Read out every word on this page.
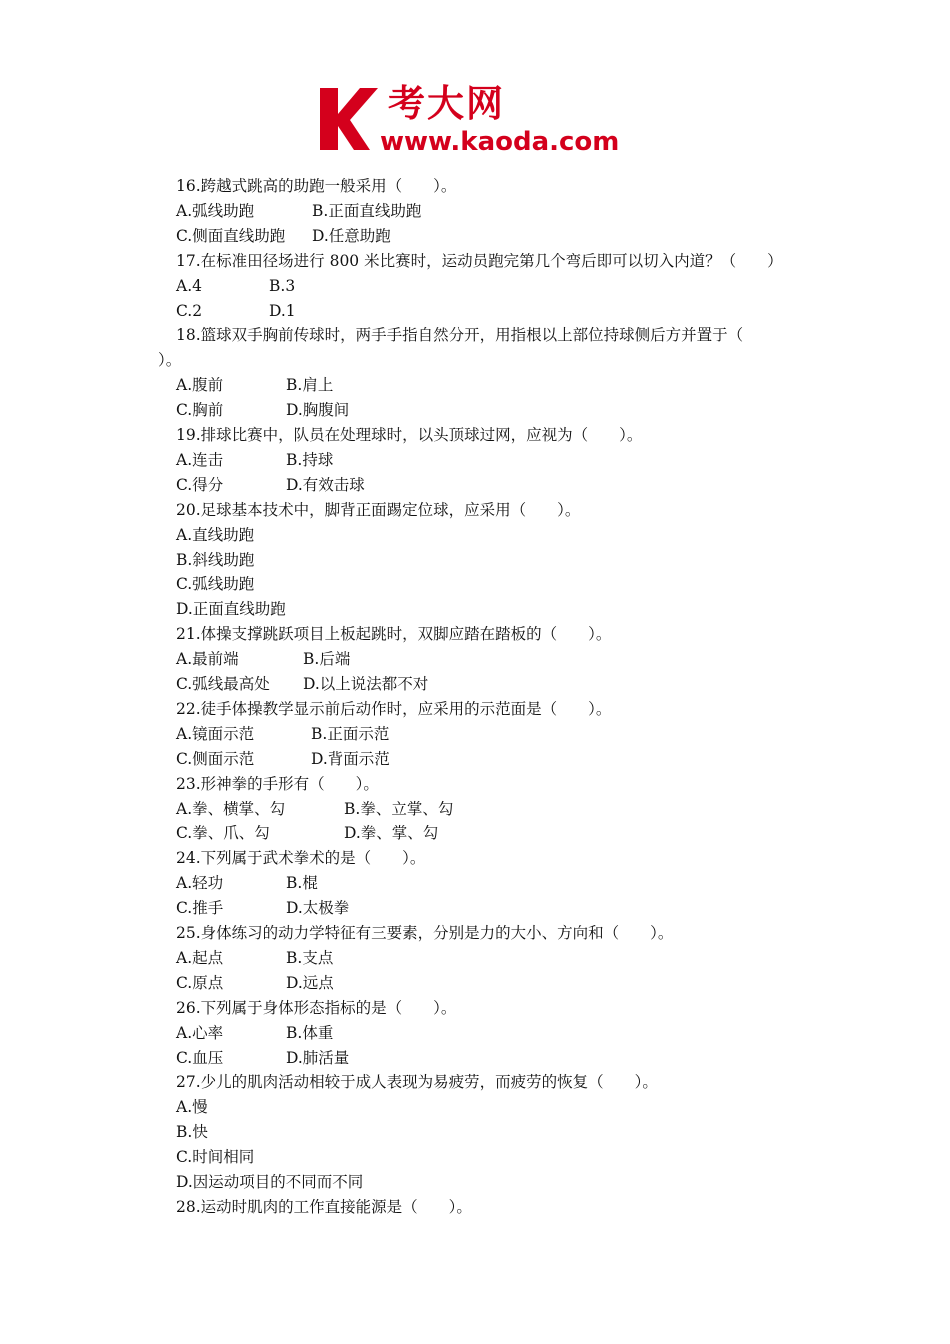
考大网
www.kaoda.com
16.跨越式跳高的助跑一般采用（　　）。
A.弧线助跑	B.正面直线助跑
C.侧面直线助跑 D.任意助跑
17.在标准田径场进行 800 米比赛时，运动员跑完第几个弯后即可以切入内道？（　　）
A.4	B.3
C.2	D.1
18.篮球双手胸前传球时，两手手指自然分开，用指根以上部位持球侧后方并置于（
）。
A.腹前	B.肩上
C.胸前	D.胸腹间
19.排球比赛中，队员在处理球时，以头顶球过网，应视为（　　）。
A.连击	B.持球
C.得分	D.有效击球
20.足球基本技术中，脚背正面踢定位球，应采用（　　）。
A.直线助跑
B.斜线助跑
C.弧线助跑
D.正面直线助跑
21.体操支撑跳跃项目上板起跳时，双脚应踏在踏板的（　　）。
A.最前端	B.后端
C.弧线最高处 D.以上说法都不对
22.徒手体操教学显示前后动作时，应采用的示范面是（　　）。
A.镜面示范	B.正面示范
C.侧面示范	D.背面示范
23.形神拳的手形有（　　）。
A.拳、横掌、勾	B.拳、立掌、勾
C.拳、爪、勾	D.拳、掌、勾
24.下列属于武术拳术的是（　　）。
A.轻功	B.棍
C.推手	D.太极拳
25.身体练习的动力学特征有三要素，分别是力的大小、方向和（　　）。
A.起点	B.支点
C.原点	D.远点
26.下列属于身体形态指标的是（　　）。
A.心率	B.体重
C.血压	D.肺活量
27.少儿的肌肉活动相较于成人表现为易疲劳，而疲劳的恢复（　　）。
A.慢
B.快
C.时间相同
D.因运动项目的不同而不同
28.运动时肌肉的工作直接能源是（　　）。
